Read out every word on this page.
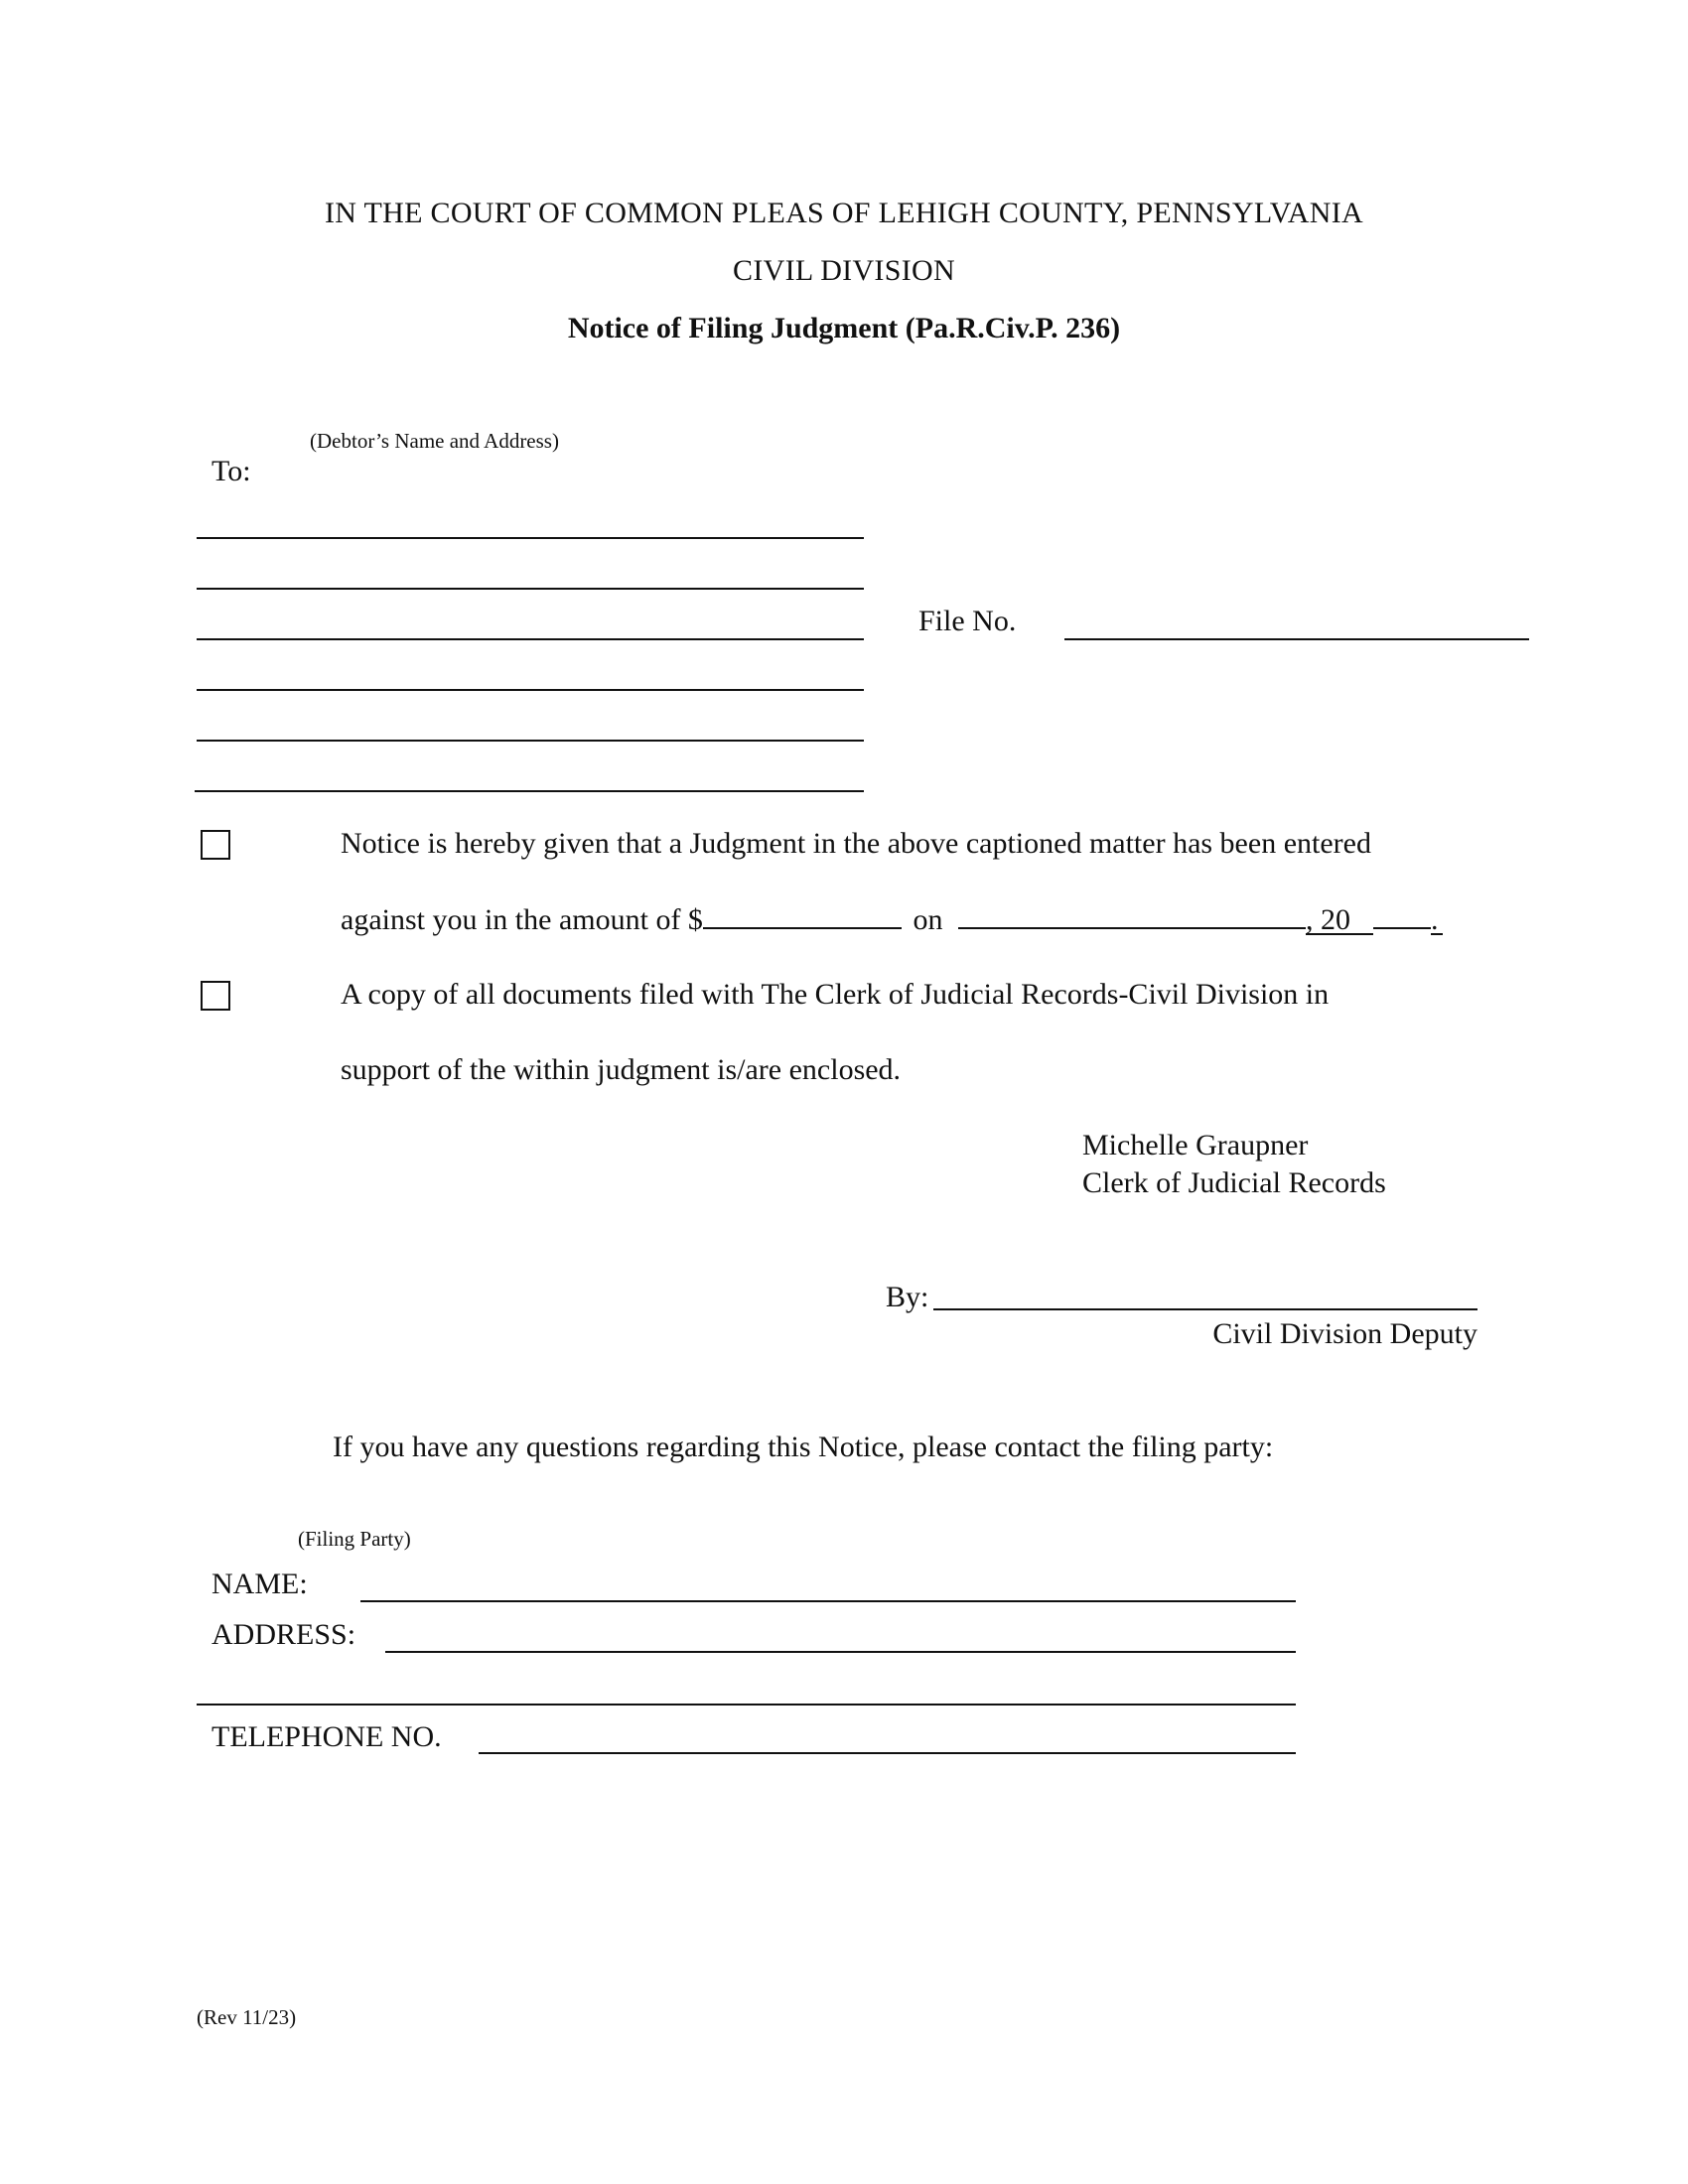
IN THE COURT OF COMMON PLEAS OF LEHIGH COUNTY, PENNSYLVANIA
CIVIL DIVISION
Notice of Filing Judgment (Pa.R.Civ.P. 236)
(Debtor’s Name and Address)
To:
File No.
Notice is hereby given that a Judgment in the above captioned matter has been entered
against you in the amount of $	on	, 20	.
A copy of all documents filed with The Clerk of Judicial Records-Civil Division in
support of the within judgment is/are enclosed.
Michelle Graupner
Clerk of Judicial Records
By:
Civil Division Deputy
If you have any questions regarding this Notice, please contact the filing party:
(Filing Party)
NAME:
ADDRESS:
TELEPHONE NO.
(Rev 11/23)
